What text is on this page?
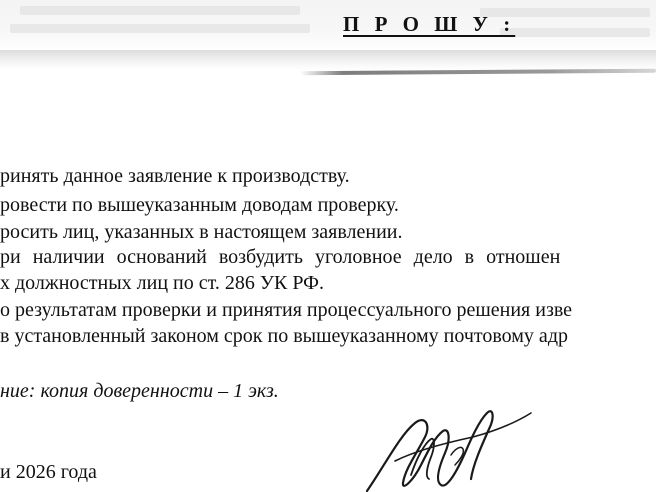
П Р О Ш У :
ринять данное заявление к производству.
ровести по вышеуказанным доводам проверку.
росить лиц, указанных в настоящем заявлении.
ри наличии оснований возбудить уголовное дело в отношен
х должностных лиц по ст. 286 УК РФ.
о результатам проверки и принятия процессуального решения изве
в установленный законом срок по вышеуказанному почтовому адр
ние: копия доверенности – 1 экз.
и 2026 года
